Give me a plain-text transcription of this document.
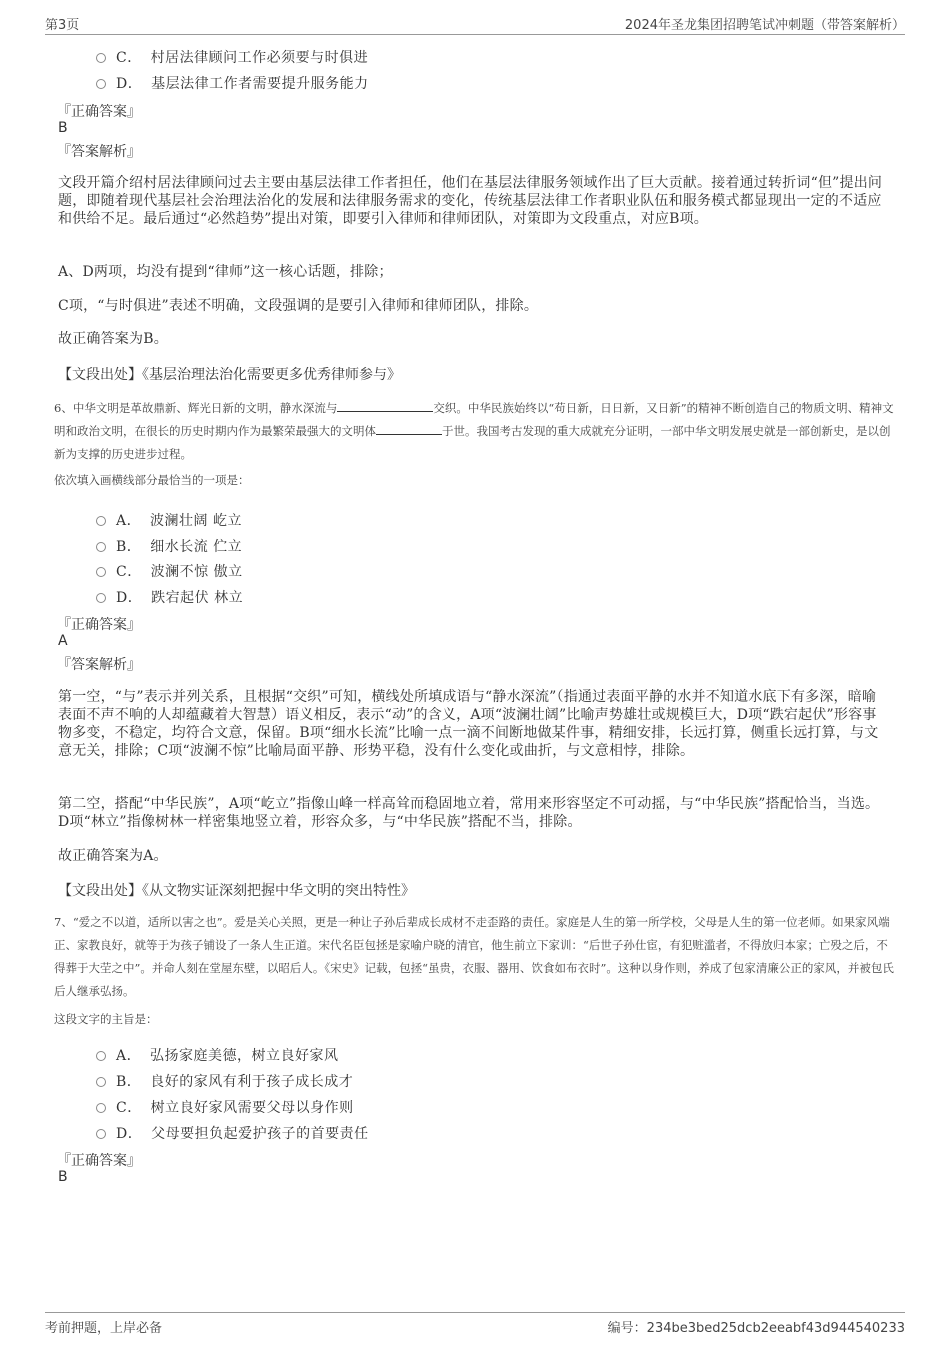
第3页	2024年圣龙集团招聘笔试冲刺题（带答案解析）
C． 村居法律顾问工作必须要与时俱进
D． 基层法律工作者需要提升服务能力
『正确答案』
B
『答案解析』
文段开篇介绍村居法律顾问过去主要由基层法律工作者担任，他们在基层法律服务领域作出了巨大贡献。接着通过转折词“但”提出问题，即随着现代基层社会治理法治化的发展和法律服务需求的变化，传统基层法律工作者职业队伍和服务模式都显现出一定的不适应和供给不足。最后通过“必然趋势”提出对策，即要引入律师和律师团队，对策即为文段重点，对应B项。
A、D两项，均没有提到“律师”这一核心话题，排除；
C项，“与时俱进”表述不明确，文段强调的是要引入律师和律师团队，排除。
故正确答案为B。
【文段出处】《基层治理法治化需要更多优秀律师参与》
6、中华文明是革故鼎新、辉光日新的文明，静水深流与	交织。中华民族始终以“苟日新，日日新，又日新”的精神不断创造自己的物质文明、精神文明和政治文明，在很长的历史时期内作为最繁荣最强大的文明体	于世。我国考古发现的重大成就充分证明，一部中华文明发展史就是一部创新史，是以创新为支撑的历史进步过程。
依次填入画横线部分最恰当的一项是：
A． 波澜壮阔 屹立
B． 细水长流 伫立
C． 波澜不惊 傲立
D． 跌宕起伏 林立
『正确答案』
A
『答案解析』
第一空，“与”表示并列关系，且根据“交织”可知，横线处所填成语与“静水深流”（指通过表面平静的水并不知道水底下有多深，暗喻表面不声不响的人却蕴藏着大智慧）语义相反，表示“动”的含义，A项“波澜壮阔”比喻声势雄壮或规模巨大，D项“跌宕起伏”形容事物多变，不稳定，均符合文意，保留。B项“细水长流”比喻一点一滴不间断地做某件事，精细安排，长远打算，侧重长远打算，与文意无关，排除；C项“波澜不惊”比喻局面平静、形势平稳，没有什么变化或曲折，与文意相悖，排除。
第二空，搭配“中华民族”，A项“屹立”指像山峰一样高耸而稳固地立着，常用来形容坚定不可动摇，与“中华民族”搭配恰当，当选。D项“林立”指像树林一样密集地竖立着，形容众多，与“中华民族”搭配不当，排除。
故正确答案为A。
【文段出处】《从文物实证深刻把握中华文明的突出特性》
7、“爱之不以道，适所以害之也”。爱是关心关照，更是一种让子孙后辈成长成材不走歪路的责任。家庭是人生的第一所学校，父母是人生的第一位老师。如果家风端正、家教良好，就等于为孩子铺设了一条人生正道。宋代名臣包拯是家喻户晓的清官，他生前立下家训：“后世子孙仕宦，有犯赃滥者，不得放归本家；亡殁之后，不得葬于大茔之中”。并命人刻在堂屋东壁，以昭后人。《宋史》记载，包拯“虽贵，衣服、器用、饮食如布衣时”。这种以身作则，养成了包家清廉公正的家风，并被包氏后人继承弘扬。
这段文字的主旨是：
A． 弘扬家庭美德，树立良好家风
B． 良好的家风有利于孩子成长成才
C． 树立良好家风需要父母以身作则
D． 父母要担负起爱护孩子的首要责任
『正确答案』
B
考前押题，上岸必备	编号：234be3bed25dcb2eeabf43d944540233
